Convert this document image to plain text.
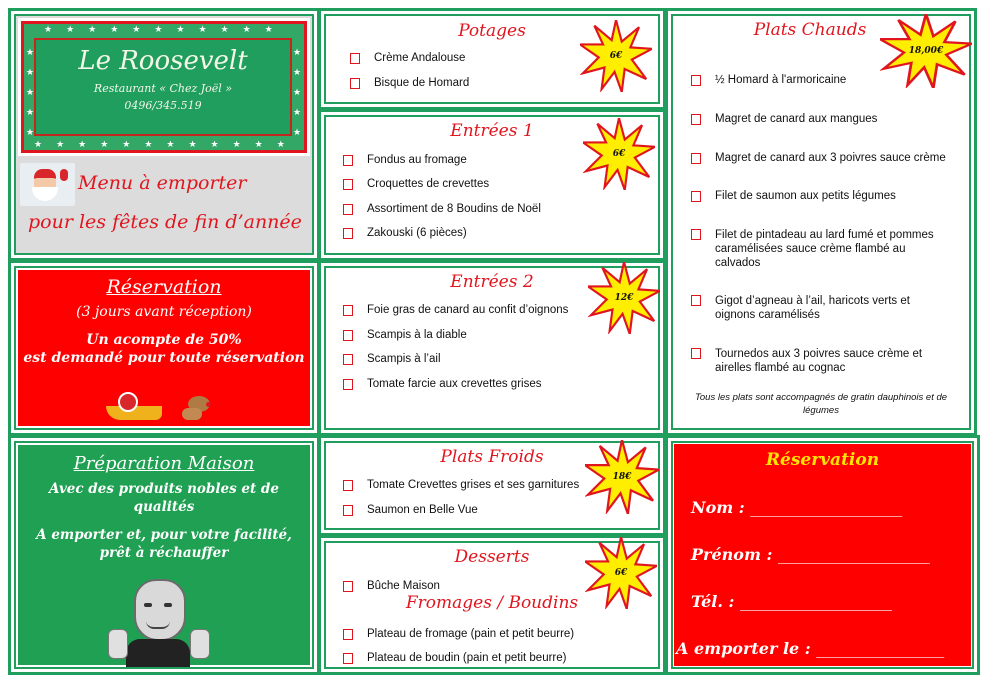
Le Roosevelt
Restaurant « Chez Joël »
0496/345.519
★★★★★★★★★★★
★★★★★★★★★★★★
★
★
★
★
★
★
★
★
★
★
Menu à emporter
pour les fêtes de fin d’année
Réservation
(3 jours avant réception)
Un acompte de 50%
est demandé pour toute réservation
Préparation Maison
Avec des produits nobles et de qualités
A emporter et, pour votre facilité, prêt à réchauffer
Potages
Crème Andalouse
Bisque de Homard
6€
Entrées 1
Fondus au fromage
Croquettes de crevettes
Assortiment de 8 Boudins de Noël
Zakouski (6 pièces)
6€
Entrées 2
Foie gras de canard au confit d’oignons
Scampis à la diable
Scampis à l’ail
Tomate farcie aux crevettes grises
12€
Plats Froids
Tomate Crevettes grises et ses garnitures
Saumon en Belle Vue
18€
Desserts
Bûche Maison
Fromages / Boudins
Plateau de fromage (pain et petit beurre)
Plateau de boudin (pain et petit beurre)
6€
Plats Chauds
½ Homard à l'armoricaine
Magret de canard aux mangues
Magret de canard aux 3 poivres sauce crème
Filet de saumon aux petits légumes
Filet de pintadeau au lard fumé et pommes caramélisées sauce crème flambé au calvados
Gigot d’agneau à l’ail, haricots verts et oignons caramélisés
Tournedos aux 3 poivres sauce crème et airelles flambé au cognac
Tous les plats sont accompagnés de gratin dauphinois et de légumes
18,00€
Réservation
Nom : ___________________
Prénom : ___________________
Tél. : ___________________
A emporter le : ________________
